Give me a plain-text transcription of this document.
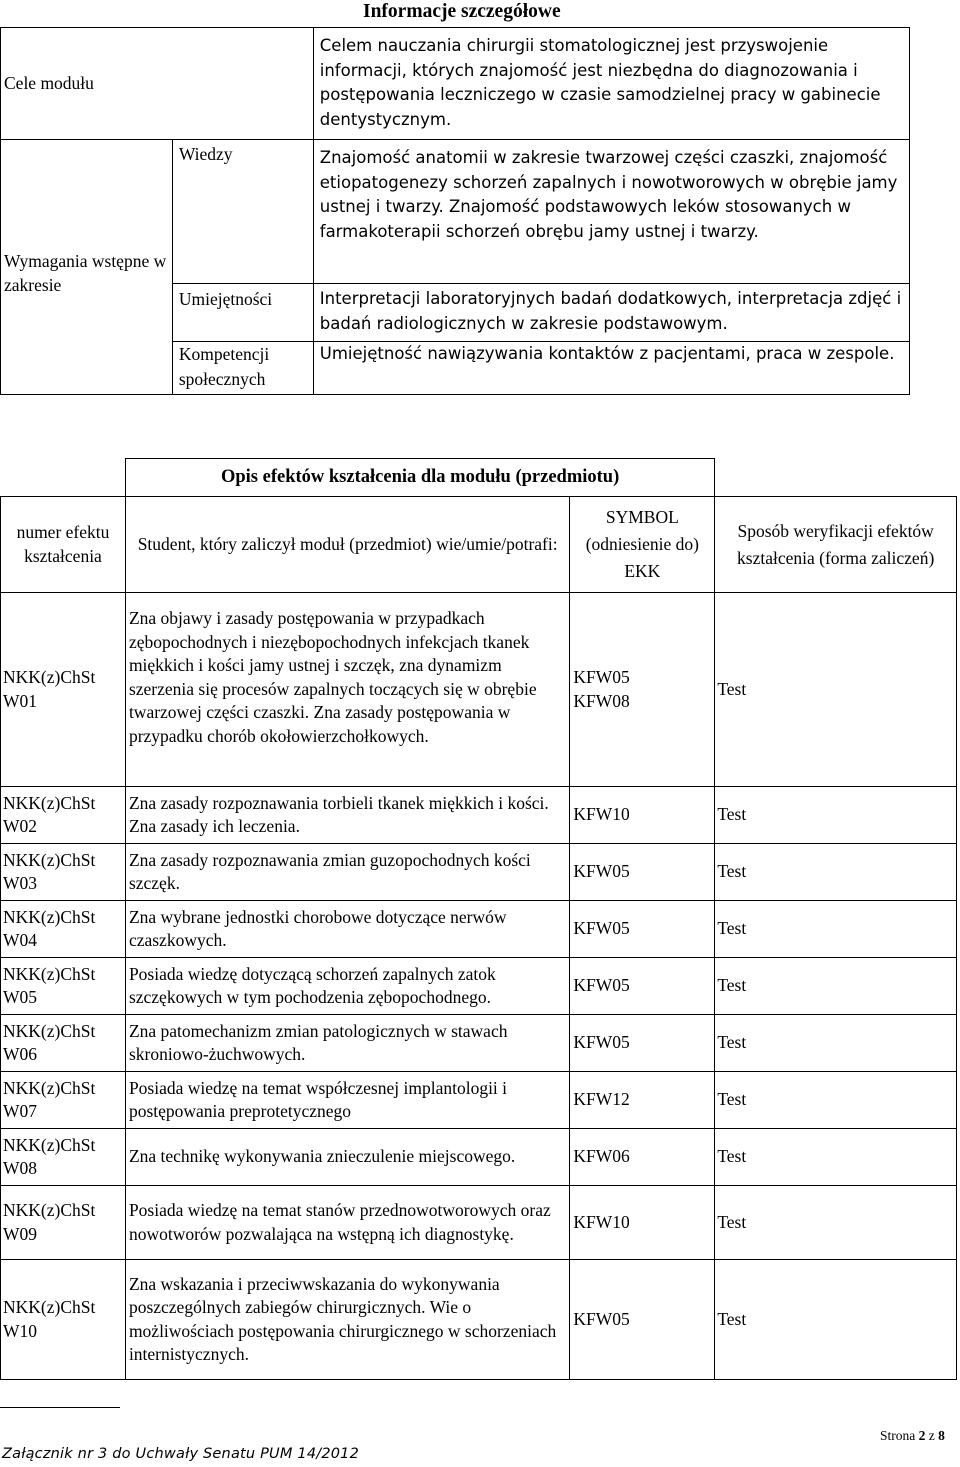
Informacje szczegółowe
Cele modułu		Celem nauczania chirurgii stomatologicznej jest przyswojenie informacji, których znajomość jest niezbędna do diagnozowania i postępowania leczniczego w czasie samodzielnej pracy w gabinecie dentystycznym.
Wymagania wstępne w zakresie	Wiedzy	Znajomość anatomii w zakresie twarzowej części czaszki, znajomość etiopatogenezy schorzeń zapalnych i nowotworowych w obrębie jamy ustnej i twarzy. Znajomość podstawowych leków stosowanych w farmakoterapii schorzeń obrębu jamy ustnej i twarzy.
	Umiejętności	Interpretacji laboratoryjnych badań dodatkowych, interpretacja zdjęć i badań radiologicznych w zakresie podstawowym.
	Kompetencji społecznych	Umiejętność nawiązywania kontaktów z pacjentami, praca w zespole.
	Opis efektów kształcenia dla modułu (przedmiotu)		
numer efektu kształcenia	Student, który zaliczył moduł (przedmiot) wie/umie/potrafi:	SYMBOL (odniesienie do) EKK	Sposób weryfikacji efektów kształcenia (forma zaliczeń)
NKK(z)ChSt W01	Zna objawy i zasady postępowania w przypadkach zębopochodnych i niezębopochodnych infekcjach tkanek miękkich i kości jamy ustnej i szczęk, zna dynamizm szerzenia się procesów zapalnych toczących się w obrębie twarzowej części czaszki. Zna zasady postępowania w przypadku chorób okołowierzchołkowych.	KFW05 KFW08	Test
NKK(z)ChSt W02	Zna zasady rozpoznawania torbieli tkanek miękkich i kości. Zna zasady ich leczenia.	KFW10	Test
NKK(z)ChSt W03	Zna zasady rozpoznawania zmian guzopochodnych kości szczęk.	KFW05	Test
NKK(z)ChSt W04	Zna wybrane jednostki chorobowe dotyczące nerwów czaszkowych.	KFW05	Test
NKK(z)ChSt W05	Posiada wiedzę dotyczącą schorzeń zapalnych zatok szczękowych w tym pochodzenia zębopochodnego.	KFW05	Test
NKK(z)ChSt W06	Zna patomechanizm zmian patologicznych w stawach skroniowo-żuchwowych.	KFW05	Test
NKK(z)ChSt W07	Posiada wiedzę na temat współczesnej implantologii i postępowania preprotetycznego	KFW12	Test
NKK(z)ChSt W08	Zna technikę wykonywania znieczulenie miejscowego.	KFW06	Test
NKK(z)ChSt W09	Posiada wiedzę na temat stanów przednowotworowych oraz nowotworów pozwalająca na wstępną ich diagnostykę.	KFW10	Test
NKK(z)ChSt W10	Zna wskazania i przeciwwskazania do wykonywania poszczególnych zabiegów chirurgicznych. Wie o możliwościach postępowania chirurgicznego w schorzeniach internistycznych.	KFW05	Test
Załącznik nr 3 do Uchwały Senatu PUM 14/2012
Strona 2 z 8
